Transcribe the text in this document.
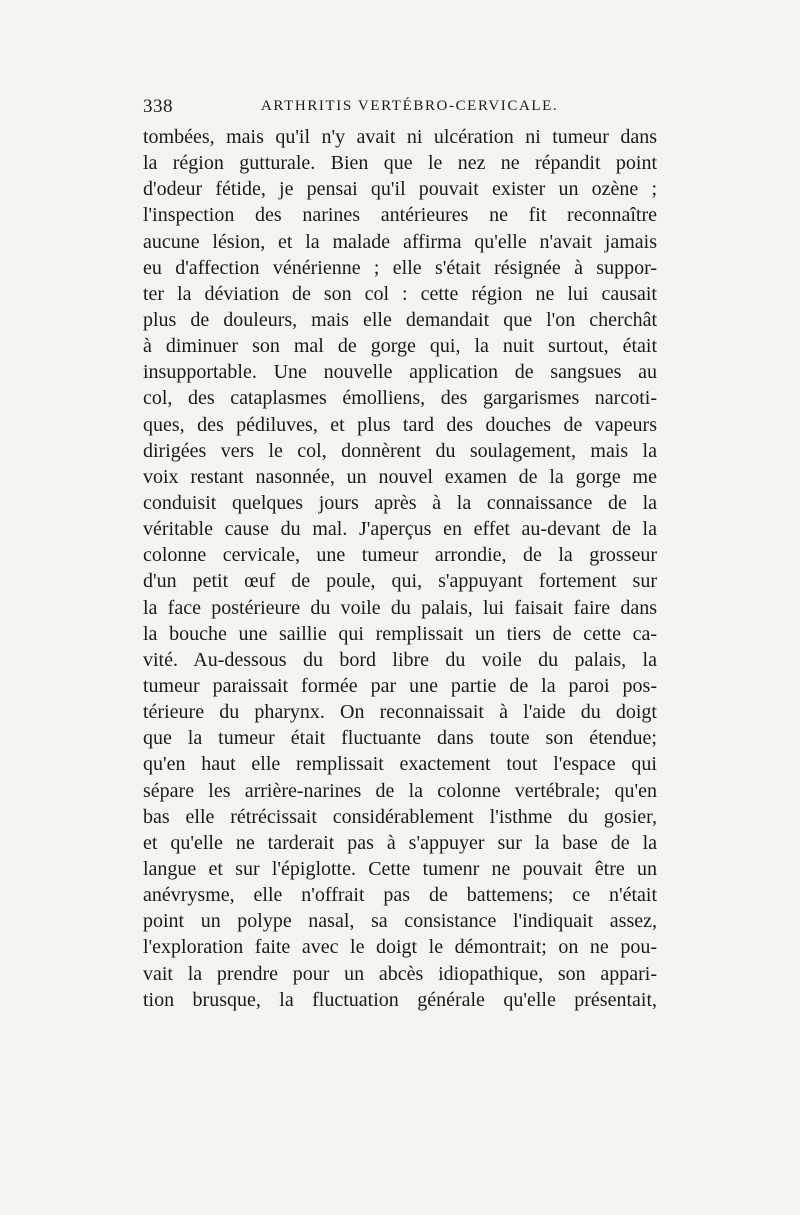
338	ARTHRITIS VERTÉBRO-CERVICALE.
tombées, mais qu'il n'y avait ni ulcération ni tumeur dans
la région gutturale. Bien que le nez ne répandit point
d'odeur fétide, je pensai qu'il pouvait exister un ozène ;
l'inspection des narines antérieures ne fit reconnaître
aucune lésion, et la malade affirma qu'elle n'avait jamais
eu d'affection vénérienne ; elle s'était résignée à suppor-
ter la déviation de son col : cette région ne lui causait
plus de douleurs, mais elle demandait que l'on cherchât
à diminuer son mal de gorge qui, la nuit surtout, était
insupportable. Une nouvelle application de sangsues au
col, des cataplasmes émolliens, des gargarismes narcoti-
ques, des pédiluves, et plus tard des douches de vapeurs
dirigées vers le col, donnèrent du soulagement, mais la
voix restant nasonnée, un nouvel examen de la gorge me
conduisit quelques jours après à la connaissance de la
véritable cause du mal. J'aperçus en effet au-devant de la
colonne cervicale, une tumeur arrondie, de la grosseur
d'un petit œuf de poule, qui, s'appuyant fortement sur
la face postérieure du voile du palais, lui faisait faire dans
la bouche une saillie qui remplissait un tiers de cette ca-
vité. Au-dessous du bord libre du voile du palais, la
tumeur paraissait formée par une partie de la paroi pos-
térieure du pharynx. On reconnaissait à l'aide du doigt
que la tumeur était fluctuante dans toute son étendue;
qu'en haut elle remplissait exactement tout l'espace qui
sépare les arrière-narines de la colonne vertébrale; qu'en
bas elle rétrécissait considérablement l'isthme du gosier,
et qu'elle ne tarderait pas à s'appuyer sur la base de la
langue et sur l'épiglotte. Cette tumenr ne pouvait être un
anévrysme, elle n'offrait pas de battemens; ce n'était
point un polype nasal, sa consistance l'indiquait assez,
l'exploration faite avec le doigt le démontrait; on ne pou-
vait la prendre pour un abcès idiopathique, son appari-
tion brusque, la fluctuation générale qu'elle présentait,
